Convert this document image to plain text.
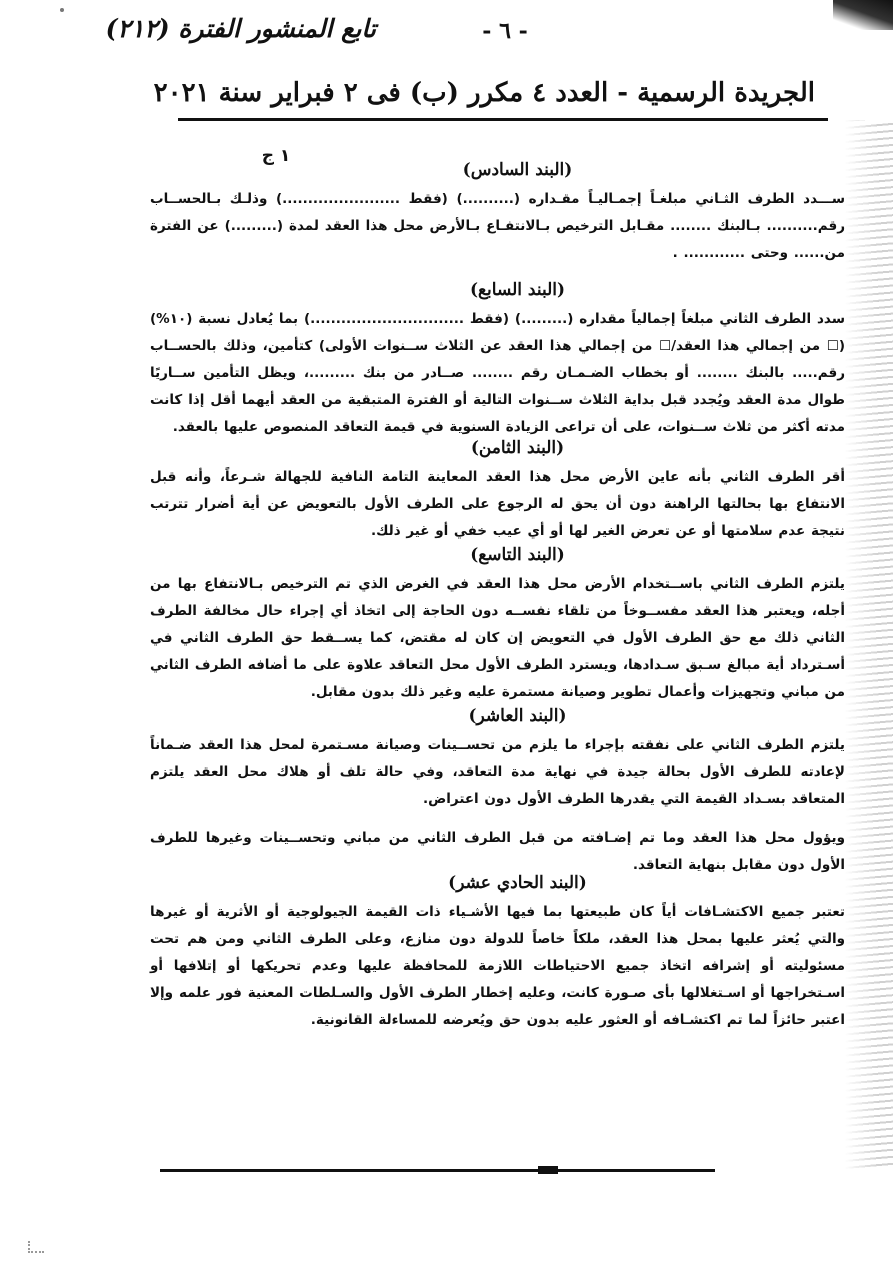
تابع المنشور الفترة (٢١٢)	- ٦ -
الجريدة الرسمية - العدد ٤ مكرر (ب) فى ٢ فبراير سنة ٢٠٢١
١ ج
(البند السادس)

ســـدد الطرف الثـاني مبلغـاً إجمـاليـاً مقـداره (..........) (فقط .......................) وذلـك بـالحســاب رقم.......... بـالبنك ........ مقـابل الترخيص بـالانتفـاع بـالأرض محل هذا العقد لمدة (.........) عن الفترة من...... وحتى ............ .

(البند السابع)

سدد الطرف الثاني مبلغاً إجمالياً مقداره (.........) (فقط ..............................) بما يُعادل نسبة (١٠%) (☐ من إجمالي هذا العقد/☐ من إجمالي هذا العقد عن الثلاث ســنوات الأولى) كتأمين، وذلك بالحســاب رقم..... بالبنك ........ أو بخطاب الضـمـان رقم ........ صــادر من بنك .........، ويظل التأمين ســاريًا طوال مدة العقد ويُجدد قبل بداية الثلاث ســنوات التالية أو الفترة المتبقية من العقد أيهما أقل إذا كانت مدته أكثر من ثلاث ســنوات، على أن تراعى الزيادة السنوية في قيمة التعاقد المنصوص عليها بالعقد.

(البند الثامن)

أقر الطرف الثاني بأنه عاين الأرض محل هذا العقد المعاينة التامة النافية للجهالة شـرعاً، وأنه قبل الانتفاع بها بحالتها الراهنة دون أن يحق له الرجوع على الطرف الأول بالتعويض عن أية أضرار تترتب نتيجة عدم سلامتها أو عن تعرض الغير لها أو أي عيب خفي أو غير ذلك.

(البند التاسع)

يلتزم الطرف الثاني باســتخدام الأرض محل هذا العقد في الغرض الذي تم الترخيص بـالانتفاع بها من أجله، ويعتبر هذا العقد مفســوخاً من تلقاء نفســه دون الحاجة إلى اتخاذ أي إجراء حال مخالفة الطرف الثاني ذلك مع حق الطرف الأول في التعويض إن كان له مقتض، كما يســقط حق الطرف الثاني في أسـترداد أية مبالغ سـبق سـدادها، ويسترد الطرف الأول محل التعاقد علاوة على ما أضافه الطرف الثاني من مباني وتجهيزات وأعمال تطوير وصيانة مستمرة عليه وغير ذلك بدون مقابل.

(البند العاشر)

يلتزم الطرف الثاني على نفقته بإجراء ما يلزم من تحســينات وصيانة مسـتمرة لمحل هذا العقد ضـماناً لإعادته للطرف الأول بحالة جيدة في نهاية مدة التعاقد، وفي حالة تلف أو هلاك محل العقد يلتزم المتعاقد بسـداد القيمة التي يقدرها الطرف الأول دون اعتراض.

ويؤول محل هذا العقد وما تم إضـافته من قبل الطرف الثاني من مباني وتحســينات وغيرها للطرف الأول دون مقابل بنهاية التعاقد.

(البند الحادي عشر)

تعتبر جميع الاكتشـافات أياً كان طبيعتها بما فيها الأشـياء ذات القيمة الجيولوجية أو الأثرية أو غيرها والتي يُعثر عليها بمحل هذا العقد، ملكاً خاصاً للدولة دون منازع، وعلى الطرف الثاني ومن هم تحت مسئوليته أو إشرافه اتخاذ جميع الاحتياطات اللازمة للمحافظة عليها وعدم تحريكها أو إتلافها أو اسـتخراجها أو اسـتغلالها بأى صـورة كانت، وعليه إخطار الطرف الأول والسـلطات المعنية فور علمه وإلا اعتبر حائزاً لما تم اكتشـافه أو العثور عليه بدون حق ويُعرضه للمساءلة القانونية.
